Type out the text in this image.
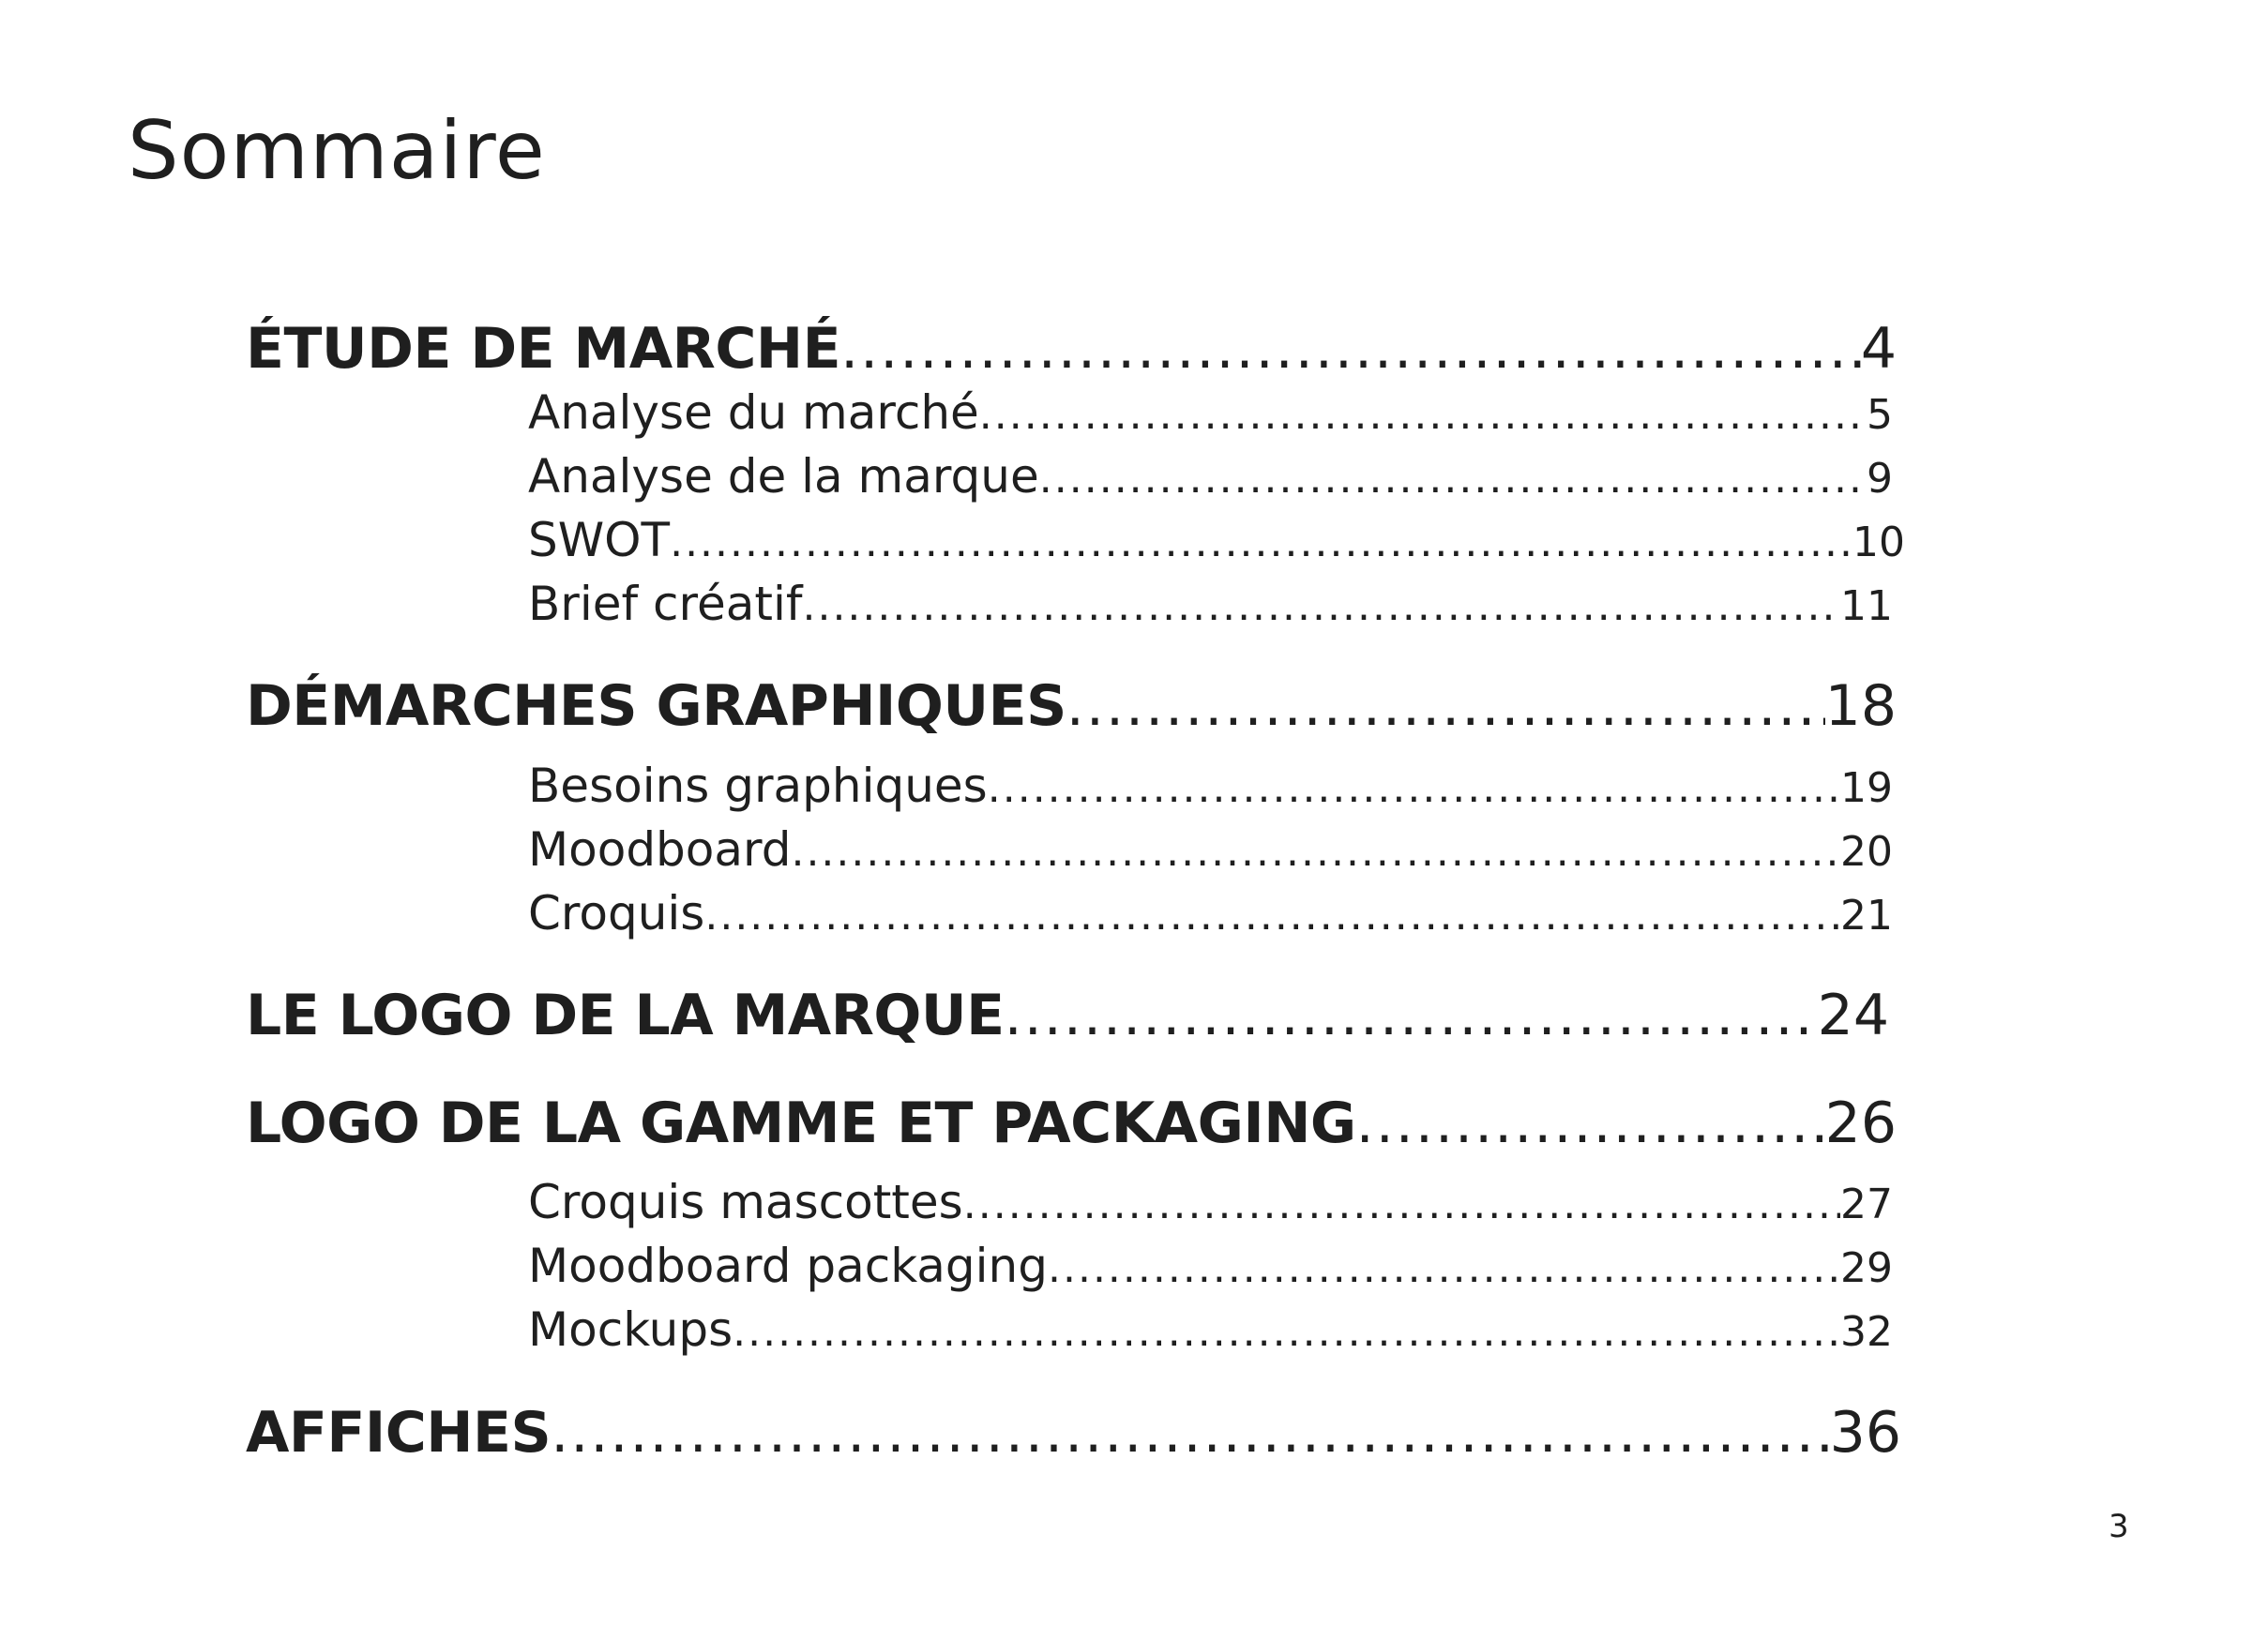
Sommaire
ÉTUDE DE MARCHÉ .....	4
Analyse du marché .....	5
Analyse de la marque .....	9
SWOT .....	10
Brief créatif .....	11
DÉMARCHES GRAPHIQUES .....	18
Besoins graphiques .....	19
Moodboard .....	20
Croquis .....	21
LE LOGO DE LA MARQUE .....	24
LOGO DE LA GAMME ET PACKAGING .....	26
Croquis mascottes .....	27
Moodboard packaging .....	29
Mockups .....	32
AFFICHES .....	36
3
